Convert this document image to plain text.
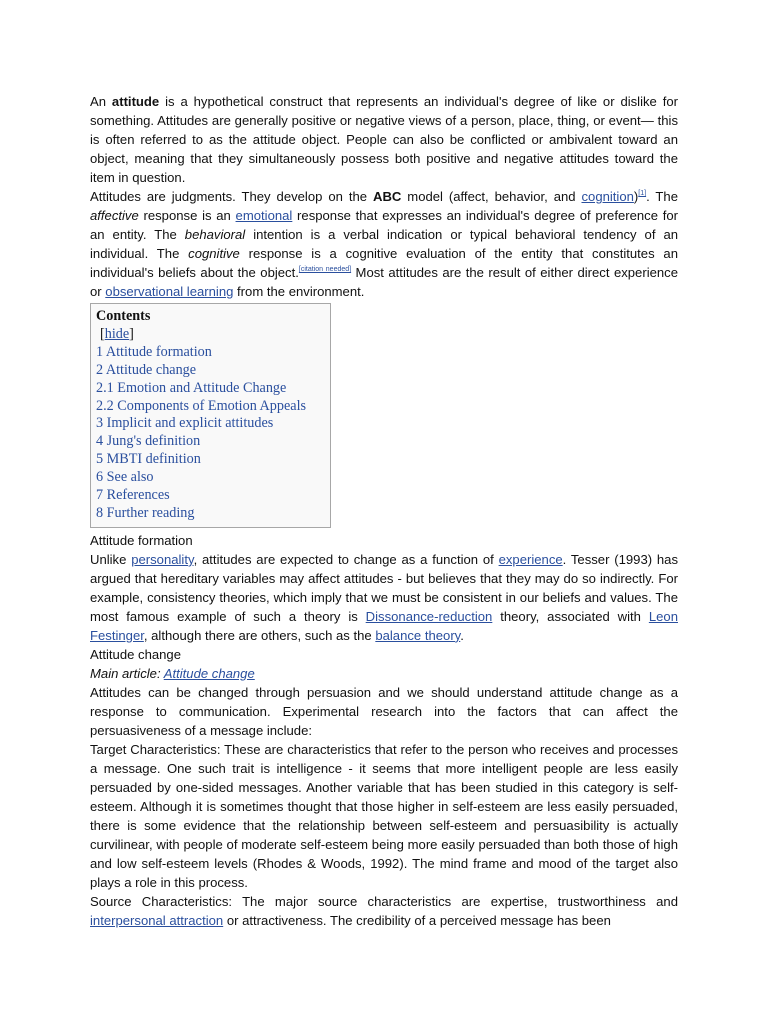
An attitude is a hypothetical construct that represents an individual's degree of like or dislike for something. Attitudes are generally positive or negative views of a person, place, thing, or event— this is often referred to as the attitude object. People can also be conflicted or ambivalent toward an object, meaning that they simultaneously possess both positive and negative attitudes toward the item in question.

Attitudes are judgments. They develop on the ABC model (affect, behavior, and cognition)[1]. The affective response is an emotional response that expresses an individual's degree of preference for an entity. The behavioral intention is a verbal indication or typical behavioral tendency of an individual. The cognitive response is a cognitive evaluation of the entity that constitutes an individual's beliefs about the object.[citation needed] Most attitudes are the result of either direct experience or observational learning from the environment.

Contents
[hide]
1 Attitude formation
2 Attitude change
2.1 Emotion and Attitude Change
2.2 Components of Emotion Appeals
3 Implicit and explicit attitudes
4 Jung's definition
5 MBTI definition
6 See also
7 References
8 Further reading

Attitude formation

Unlike personality, attitudes are expected to change as a function of experience. Tesser (1993) has argued that hereditary variables may affect attitudes - but believes that they may do so indirectly. For example, consistency theories, which imply that we must be consistent in our beliefs and values. The most famous example of such a theory is Dissonance-reduction theory, associated with Leon Festinger, although there are others, such as the balance theory.

Attitude change

Main article: Attitude change

Attitudes can be changed through persuasion and we should understand attitude change as a response to communication. Experimental research into the factors that can affect the persuasiveness of a message include:

Target Characteristics: These are characteristics that refer to the person who receives and processes a message. One such trait is intelligence - it seems that more intelligent people are less easily persuaded by one-sided messages. Another variable that has been studied in this category is self-esteem. Although it is sometimes thought that those higher in self-esteem are less easily persuaded, there is some evidence that the relationship between self-esteem and persuasibility is actually curvilinear, with people of moderate self-esteem being more easily persuaded than both those of high and low self-esteem levels (Rhodes & Woods, 1992). The mind frame and mood of the target also plays a role in this process.

Source Characteristics: The major source characteristics are expertise, trustworthiness and interpersonal attraction or attractiveness. The credibility of a perceived message has been
